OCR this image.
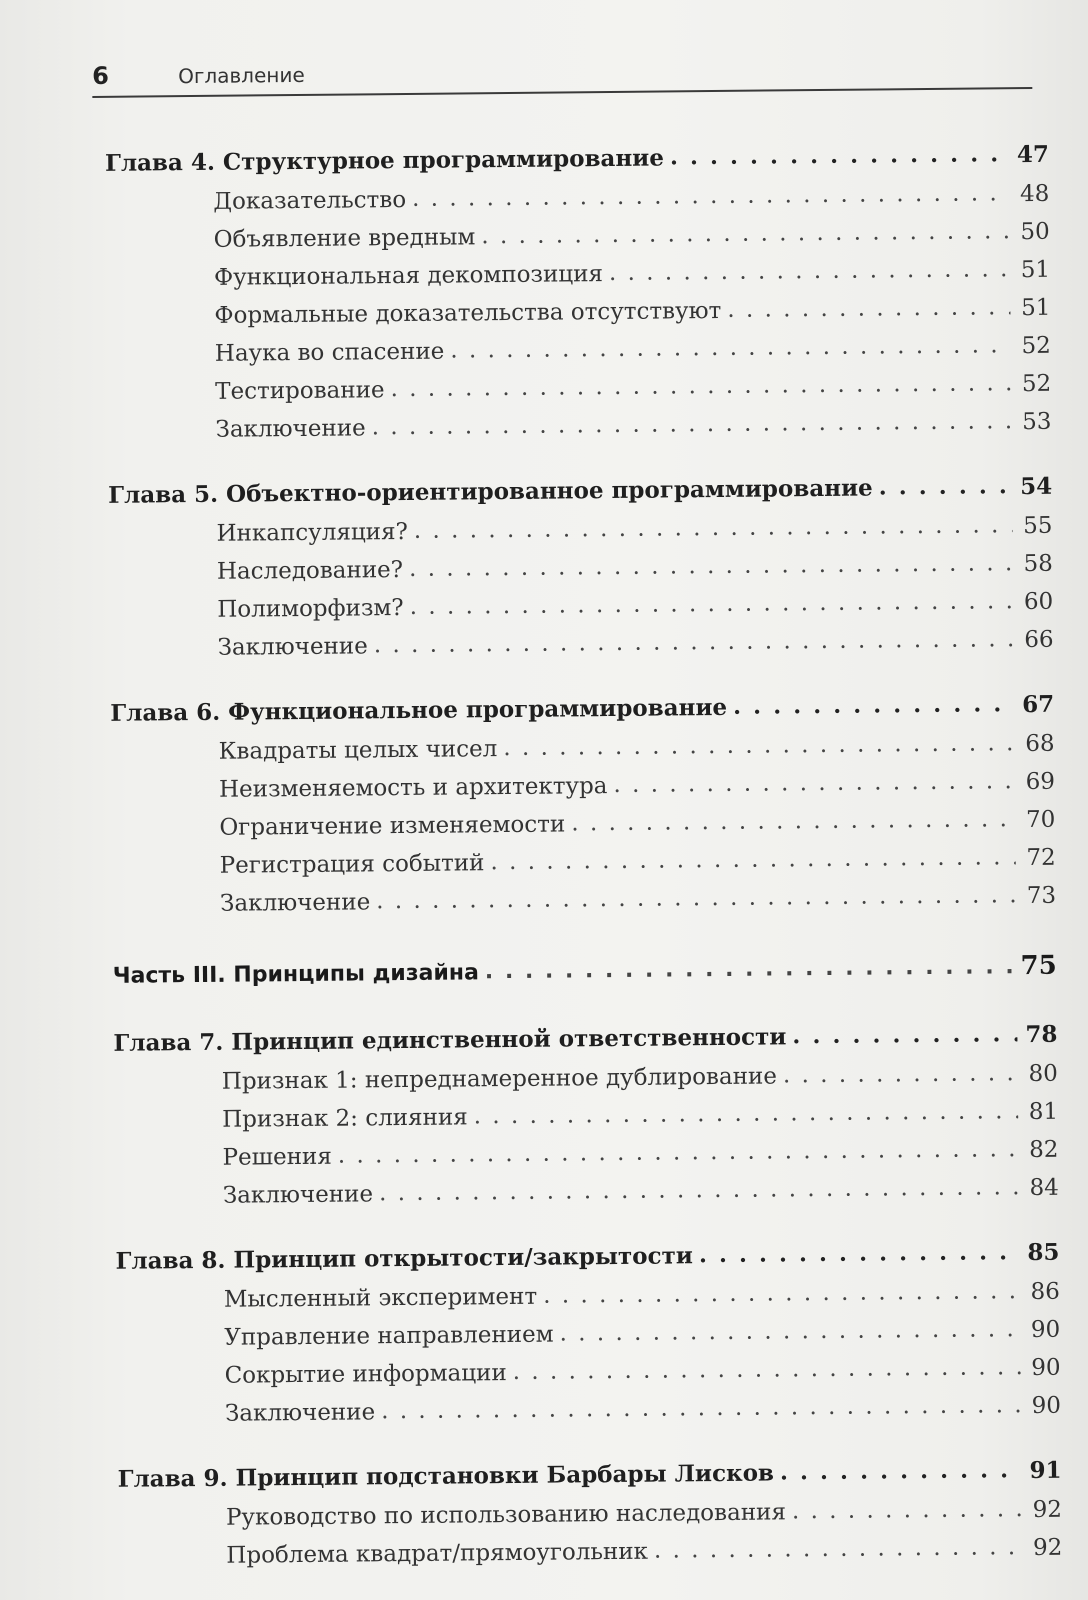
6	Оглавление
Глава 4. Структурное программирование . . .	47
Доказательство . . .	48
Объявление вредным . . .	50
Функциональная декомпозиция . . .	51
Формальные доказательства отсутствуют . . .	51
Наука во спасение . . .	52
Тестирование . . .	52
Заключение . . .	53
Глава 5. Объектно-ориентированное программирование . . .	54
Инкапсуляция? . . .	55
Наследование? . . .	58
Полиморфизм? . . .	60
Заключение . . .	66
Глава 6. Функциональное программирование . . .	67
Квадраты целых чисел . . .	68
Неизменяемость и архитектура . . .	69
Ограничение изменяемости . . .	70
Регистрация событий . . .	72
Заключение . . .	73
Часть III. Принципы дизайна . . .	75
Глава 7. Принцип единственной ответственности . . .	78
Признак 1: непреднамеренное дублирование . . .	80
Признак 2: слияния . . .	81
Решения . . .	82
Заключение . . .	84
Глава 8. Принцип открытости/закрытости . . .	85
Мысленный эксперимент . . .	86
Управление направлением . . .	90
Сокрытие информации . . .	90
Заключение . . .	90
Глава 9. Принцип подстановки Барбары Лисков . . .	91
Руководство по использованию наследования . . .	92
Проблема квадрат/прямоугольник . . .	92
